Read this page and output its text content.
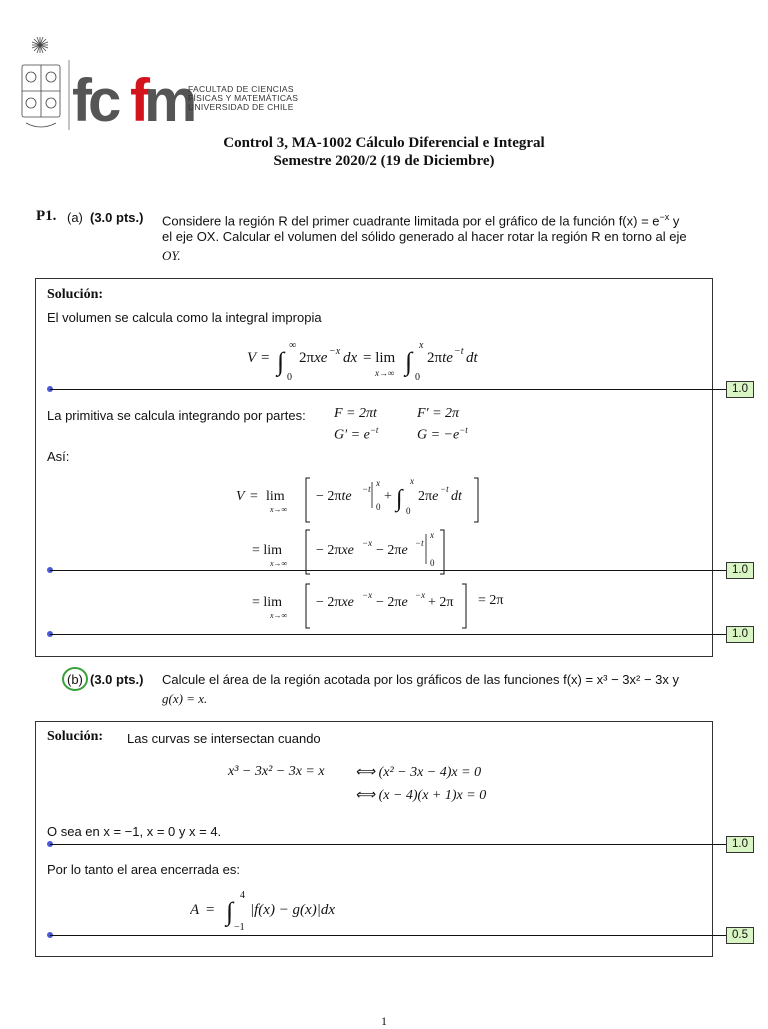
fc f
m
FACULTAD DE CIENCIAS
FÍSICAS Y MATEMÁTICAS
UNIVERSIDAD DE CHILE
Control 3, MA-1002 Cálculo Diferencial e Integral
Semestre 2020/2 (19 de Diciembre)
P1. (a) (3.0 pts.) Considere la región R del primer cuadrante limitada por el gráfico de la función $f(x) = e^{-x}$ y
el eje OX. Calcular el volumen del sólido generado al hacer rotar la región R en torno al eje
OY.
Solución:
El volumen se calcula como la integral impropia
V = ∫
∞
0
2πxe −x dx = lim
x→∞ ∫
x
0
2πte −t dt
1.0
La primitiva se calcula integrando por partes: F = 2πt	F′ = 2π
$G' = e^{-t}$	$G = -e^{-t}$
Así:
V = lim
x→∞
− 2πte −t
x
0
+ ∫
x
0
2πe −t dt
= lim
x→∞
− 2πxe −x − 2πe −t
x
0
1.0
= lim
x→∞
− 2πxe −x − 2πe −x + 2π = 2π
1.0
(b) (3.0 pts.) Calcule el área de la región acotada por los gráficos de las funciones f(x) = x³ − 3x² − 3x y
g(x) = x.
Solución: Las curvas se intersectan cuando
x³ − 3x² − 3x = x ⟺ (x² − 3x − 4)x = 0
⟺ (x − 4)(x + 1)x = 0
O sea en x = −1, x = 0 y x = 4.
1.0
Por lo tanto el area encerrada es:
A = ∫
4
−1
|f(x) − g(x)|dx
0.5
1
